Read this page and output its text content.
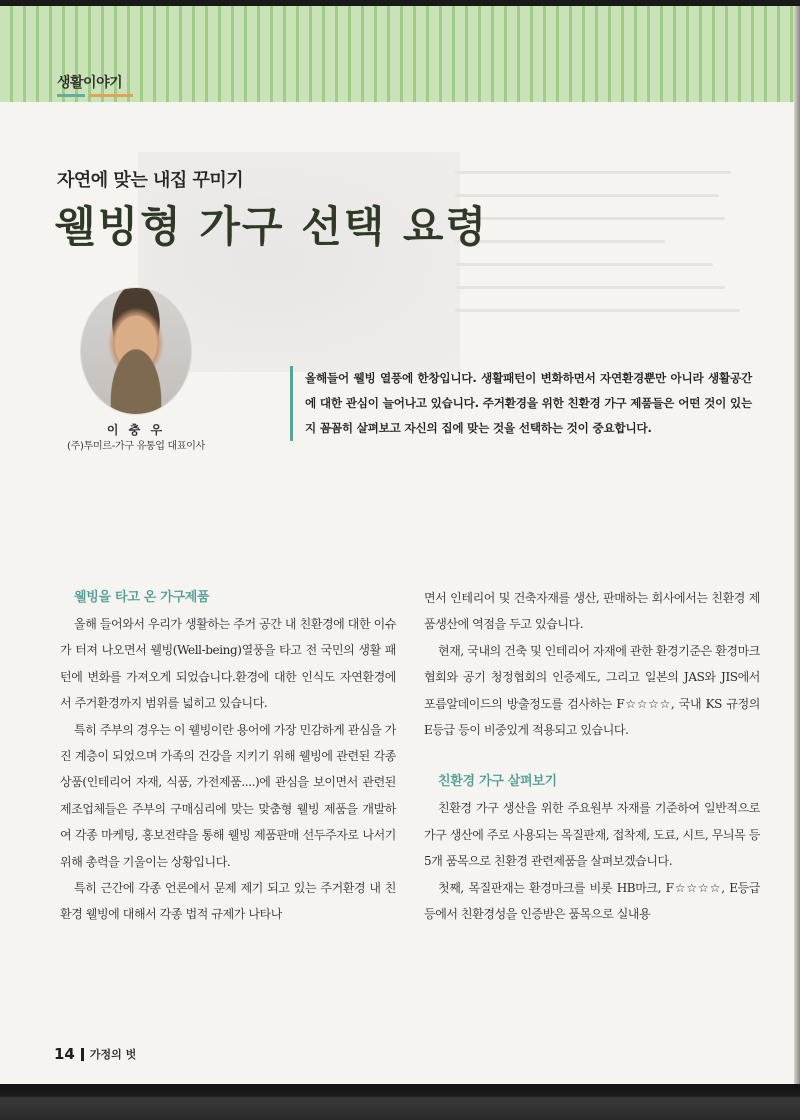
생활이야기
자연에 맞는 내집 꾸미기
웰빙형 가구 선택 요령
이 충 우
(주)투미르-가구 유통업 대표이사

올해들어 웰빙 열풍에 한창입니다. 생활패턴이 변화하면서 자연환경뿐만 아니라 생활공간에 대한 관심이 늘어나고 있습니다. 주거환경을 위한 친환경 가구 제품들은 어떤 것이 있는지 꼼꼼히 살펴보고 자신의 집에 맞는 것을 선택하는 것이 중요합니다.

웰빙을 타고 온 가구제품

올해 들어와서 우리가 생활하는 주거 공간 내 친환경에 대한 이슈가 터져 나오면서 웰빙(Well-being)열풍을 타고 전 국민의 생활 패턴에 변화를 가져오게 되었습니다.환경에 대한 인식도 자연환경에서 주거환경까지 범위를 넓히고 있습니다.

특히 주부의 경우는 이 웰빙이란 용어에 가장 민감하게 관심을 가진 계층이 되었으며 가족의 건강을 지키기 위해 웰빙에 관련된 각종 상품(인테리어 자재, 식품, 가전제품....)에 관심을 보이면서 관련된 제조업체들은 주부의 구매심리에 맞는 맞춤형 웰빙 제품을 개발하여 각종 마케팅, 홍보전략을 통해 웰빙 제품판매 선두주자로 나서기 위해 총력을 기울이는 상황입니다.

특히 근간에 각종 언론에서 문제 제기 되고 있는 주거환경 내 친환경 웰빙에 대해서 각종 법적 규제가 나타나

면서 인테리어 및 건축자재를 생산, 판매하는 회사에서는 친환경 제품생산에 역점을 두고 있습니다.

현재, 국내의 건축 및 인테리어 자재에 관한 환경기준은 환경마크협회와 공기 청정협회의 인증제도, 그리고 일본의 JAS와 JIS에서 포름알데이드의 방출정도를 검사하는 F☆☆☆☆, 국내 KS 규정의 E등급 등이 비중있게 적용되고 있습니다.

친환경 가구 살펴보기

친환경 가구 생산을 위한 주요원부 자재를 기준하여 일반적으로 가구 생산에 주로 사용되는 목질판재, 접착제, 도료, 시트, 무늬목 등 5개 품목으로 친환경 관련제품을 살펴보겠습니다.

첫째, 목질판재는 환경마크를 비롯 HB마크, F☆☆☆☆, E등급 등에서 친환경성을 인증받은 품목으로 실내용

14 가정의 벗
